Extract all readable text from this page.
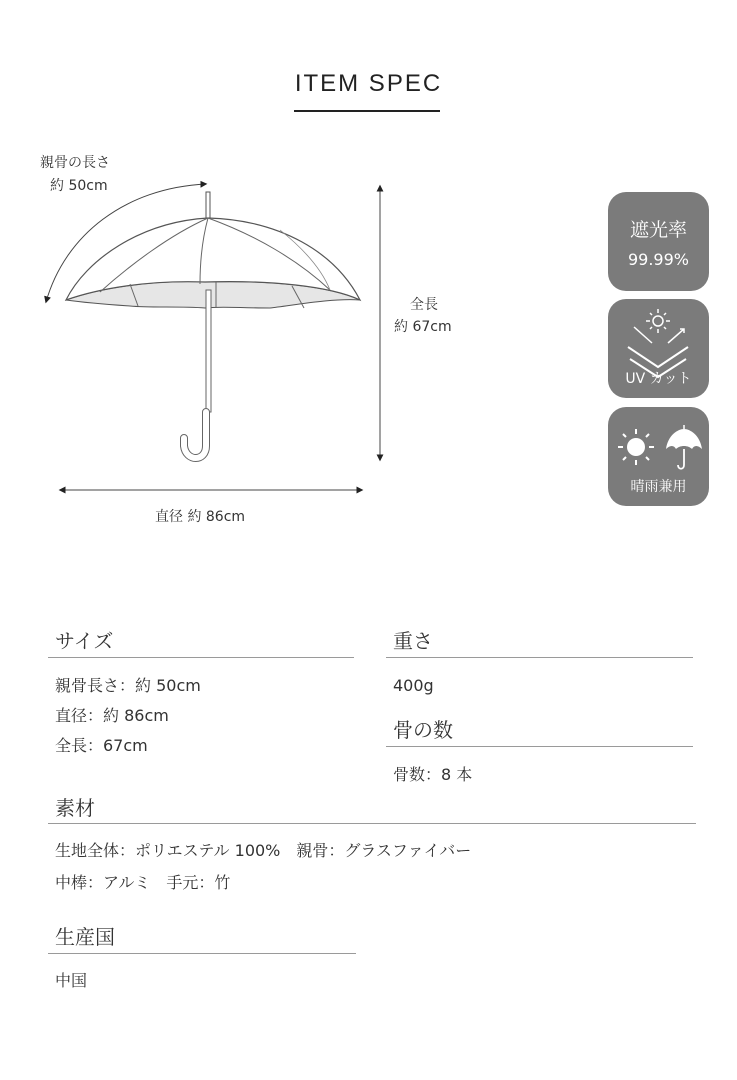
ITEM SPEC
親骨の長さ
約 50cm
全長
約 67cm
直径 約 86cm
遮光率
99.99%
UV カット
晴雨兼用
サイズ
親骨長さ：約 50cm
直径：約 86cm
全長：67cm
重さ
400g
骨の数
骨数：8 本
素材
生地全体：ポリエステル 100%　親骨：グラスファイバー
中棒：アルミ　手元：竹
生産国
中国
